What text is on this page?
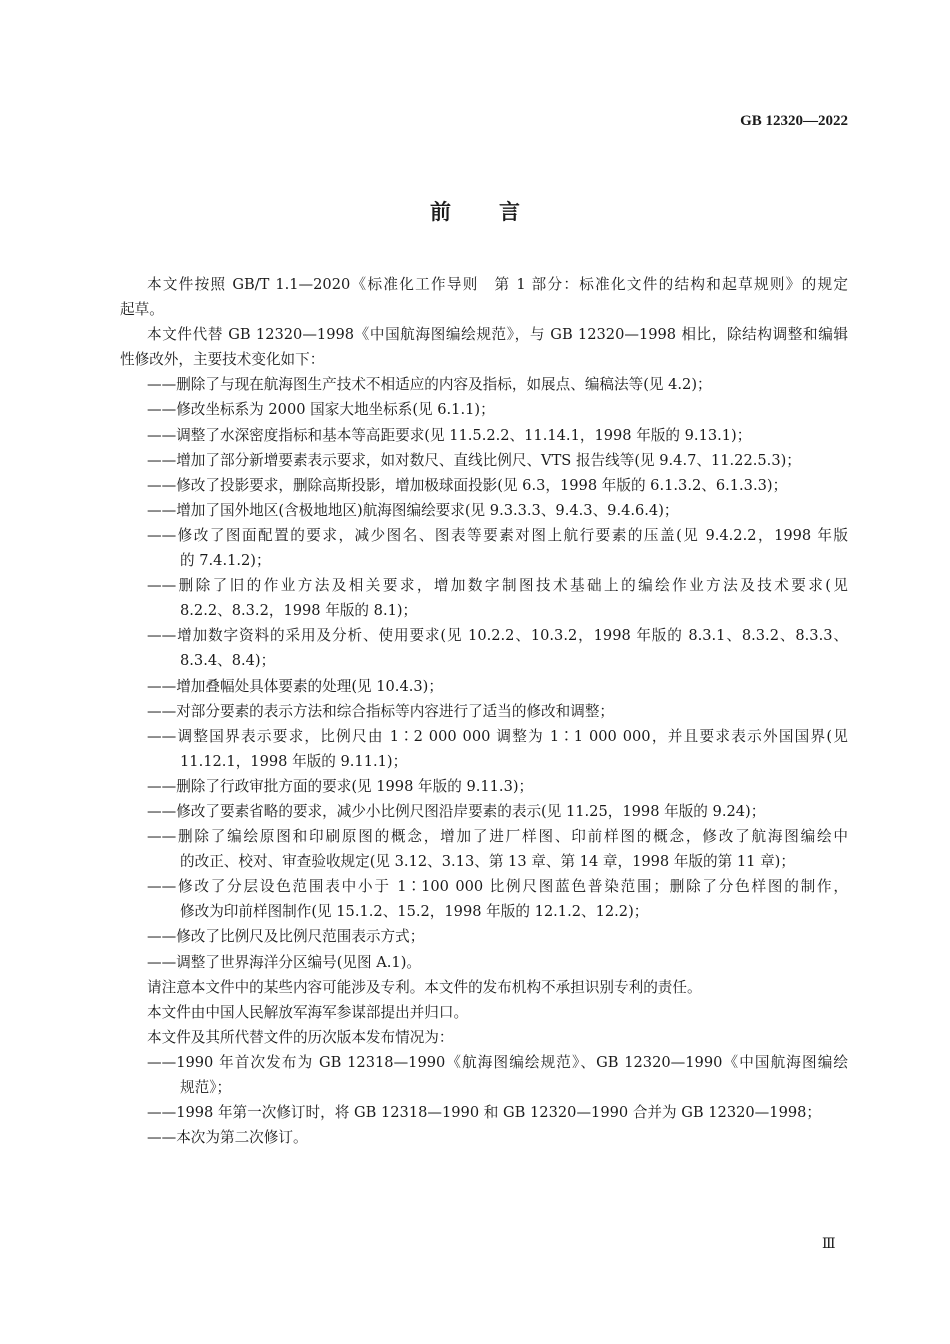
GB 12320—2022
前言
本文件按照 GB/T 1.1—2020《标准化工作导则　第 1 部分：标准化文件的结构和起草规则》的规定
起草。
本文件代替 GB 12320—1998《中国航海图编绘规范》，与 GB 12320—1998 相比，除结构调整和编辑
性修改外，主要技术变化如下：
——删除了与现在航海图生产技术不相适应的内容及指标，如展点、编稿法等(见 4.2)；
——修改坐标系为 2000 国家大地坐标系(见 6.1.1)；
——调整了水深密度指标和基本等高距要求(见 11.5.2.2、11.14.1，1998 年版的 9.13.1)；
——增加了部分新增要素表示要求，如对数尺、直线比例尺、VTS 报告线等(见 9.4.7、11.22.5.3)；
——修改了投影要求，删除高斯投影，增加极球面投影(见 6.3，1998 年版的 6.1.3.2、6.1.3.3)；
——增加了国外地区(含极地地区)航海图编绘要求(见 9.3.3.3、9.4.3、9.4.6.4)；
——修改了图面配置的要求，减少图名、图表等要素对图上航行要素的压盖(见 9.4.2.2，1998 年版
的 7.4.1.2)；
——删除了旧的作业方法及相关要求，增加数字制图技术基础上的编绘作业方法及技术要求(见
8.2.2、8.3.2，1998 年版的 8.1)；
——增加数字资料的采用及分析、使用要求(见 10.2.2、10.3.2，1998 年版的 8.3.1、8.3.2、8.3.3、
8.3.4、8.4)；
——增加叠幅处具体要素的处理(见 10.4.3)；
——对部分要素的表示方法和综合指标等内容进行了适当的修改和调整；
——调整国界表示要求，比例尺由 1∶2 000 000 调整为 1∶1 000 000，并且要求表示外国国界(见
11.12.1，1998 年版的 9.11.1)；
——删除了行政审批方面的要求(见 1998 年版的 9.11.3)；
——修改了要素省略的要求，减少小比例尺图沿岸要素的表示(见 11.25，1998 年版的 9.24)；
——删除了编绘原图和印刷原图的概念，增加了进厂样图、印前样图的概念，修改了航海图编绘中
的改正、校对、审查验收规定(见 3.12、3.13、第 13 章、第 14 章，1998 年版的第 11 章)；
——修改了分层设色范围表中小于 1∶100 000 比例尺图蓝色普染范围；删除了分色样图的制作，
修改为印前样图制作(见 15.1.2、15.2，1998 年版的 12.1.2、12.2)；
——修改了比例尺及比例尺范围表示方式；
——调整了世界海洋分区编号(见图 A.1)。
请注意本文件中的某些内容可能涉及专利。本文件的发布机构不承担识别专利的责任。
本文件由中国人民解放军海军参谋部提出并归口。
本文件及其所代替文件的历次版本发布情况为：
——1990 年首次发布为 GB 12318—1990《航海图编绘规范》、GB 12320—1990《中国航海图编绘
规范》；
——1998 年第一次修订时，将 GB 12318—1990 和 GB 12320—1990 合并为 GB 12320—1998；
——本次为第二次修订。
Ⅲ
